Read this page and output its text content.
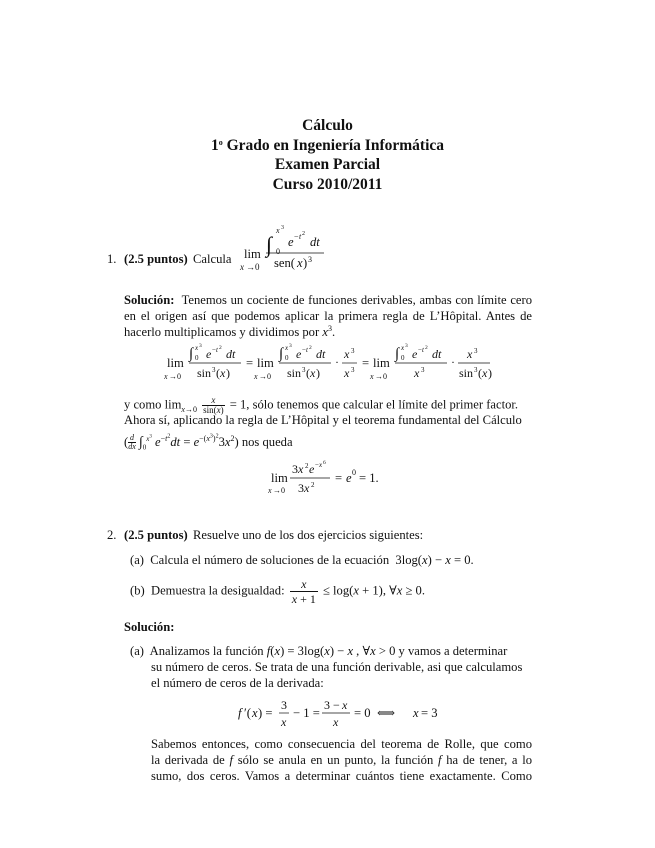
Cálculo
1$^o$ Grado en Ingeniería Informática
Examen Parcial
Curso 2010/2011
1. (2.5 puntos) Calcula lim
x →0
∫
x 3
0
e − t 2
dt
sen( x ) 3
Solución: Tenemos un cociente de funciones derivables, ambas con límite cero en el origen así que podemos aplicar la primera regla de L’Hôpital. Antes de hacerlo multiplicamos y dividimos por $x^3$.
lim
x →0
∫ x 3
0 e − t 2 dt
sin 3 ( x )
= lim
x →0
∫ x 3
0 e − t 2 dt
sin 3 ( x )
·
x 3
x 3 = lim
x →0
∫ x 3
0 e − t 2 dt
x 3
·
x 3
sin 3 ( x )
y como $\lim_{x\to 0} \frac{x}{\sin(x)} = 1$, sólo tenemos que calcular el límite del primer factor.
Ahora sí, aplicando la regla de L’Hôpital y el teorema fundamental del Cálculo
($\frac{d}{dx} \int_0^{x^3}$ $e^{-t^2}dt = e^{-(x^3)^2}3x^2$) nos queda
lim
x →0
3 x 2 e − x 6
3 x 2 = e 0 = 1.
2. (2.5 puntos) Resuelve uno de los dos ejercicios siguientes:
(a) Calcula el número de soluciones de la ecuación  3log(x) − x = 0.
(b) Demuestra la desigualdad: $\frac{x}{x + 1} \le \log(x + 1)$, ∀x ≥ 0.
Solución:
(a) Analizamos la función f(x) = 3log(x) − x , ∀x > 0 y vamos a determinar
su número de ceros. Se trata de una función derivable, asi que calculamos
el número de ceros de la derivada:
f ′( x ) =
3
x
− 1 =
3 − x
x
= 0 ⟺ x = 3
Sabemos entonces, como consecuencia del teorema de Rolle, que como
la derivada de f sólo se anula en un punto, la función f ha de tener, a lo
sumo, dos ceros. Vamos a determinar cuántos tiene exactamente. Como
